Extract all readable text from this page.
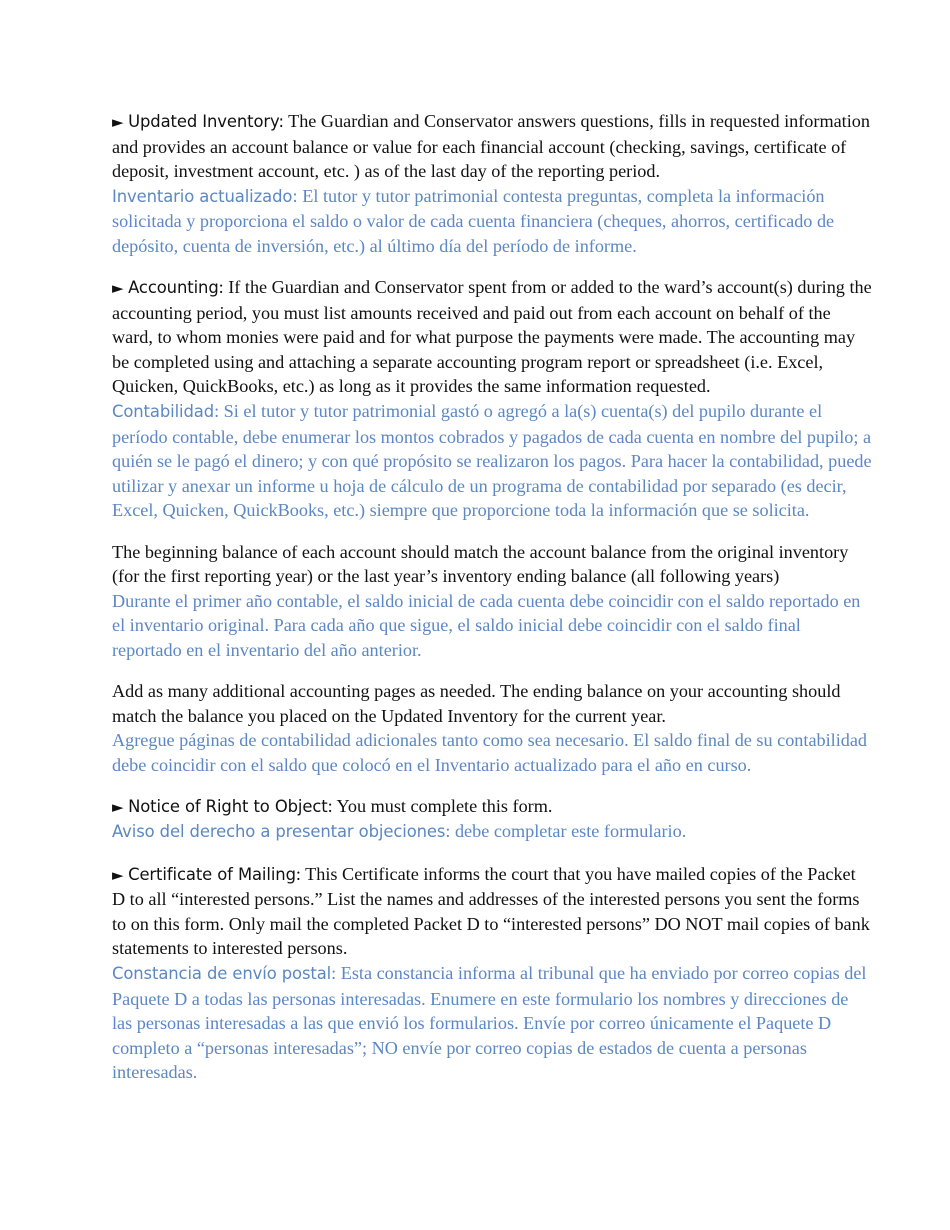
► Updated Inventory: The Guardian and Conservator answers questions, fills in requested information and provides an account balance or value for each financial account (checking, savings, certificate of deposit, investment account, etc. ) as of the last day of the reporting period.
Inventario actualizado: El tutor y tutor patrimonial contesta preguntas, completa la información solicitada y proporciona el saldo o valor de cada cuenta financiera (cheques, ahorros, certificado de depósito, cuenta de inversión, etc.) al último día del período de informe.
► Accounting: If the Guardian and Conservator spent from or added to the ward’s account(s) during the accounting period, you must list amounts received and paid out from each account on behalf of the ward, to whom monies were paid and for what purpose the payments were made. The accounting may be completed using and attaching a separate accounting program report or spreadsheet (i.e. Excel, Quicken, QuickBooks, etc.) as long as it provides the same information requested.
Contabilidad: Si el tutor y tutor patrimonial gastó o agregó a la(s) cuenta(s) del pupilo durante el período contable, debe enumerar los montos cobrados y pagados de cada cuenta en nombre del pupilo; a quién se le pagó el dinero; y con qué propósito se realizaron los pagos. Para hacer la contabilidad, puede utilizar y anexar un informe u hoja de cálculo de un programa de contabilidad por separado (es decir, Excel, Quicken, QuickBooks, etc.) siempre que proporcione toda la información que se solicita.
The beginning balance of each account should match the account balance from the original inventory (for the first reporting year) or the last year’s inventory ending balance (all following years)
Durante el primer año contable, el saldo inicial de cada cuenta debe coincidir con el saldo reportado en el inventario original. Para cada año que sigue, el saldo inicial debe coincidir con el saldo final reportado en el inventario del año anterior.
Add as many additional accounting pages as needed. The ending balance on your accounting should match the balance you placed on the Updated Inventory for the current year.
Agregue páginas de contabilidad adicionales tanto como sea necesario. El saldo final de su contabilidad debe coincidir con el saldo que colocó en el Inventario actualizado para el año en curso.
► Notice of Right to Object: You must complete this form.
Aviso del derecho a presentar objeciones: debe completar este formulario.
► Certificate of Mailing: This Certificate informs the court that you have mailed copies of the Packet D to all “interested persons.” List the names and addresses of the interested persons you sent the forms to on this form. Only mail the completed Packet D to “interested persons” DO NOT mail copies of bank statements to interested persons.
Constancia de envío postal: Esta constancia informa al tribunal que ha enviado por correo copias del Paquete D a todas las personas interesadas. Enumere en este formulario los nombres y direcciones de las personas interesadas a las que envió los formularios. Envíe por correo únicamente el Paquete D completo a “personas interesadas”; NO envíe por correo copias de estados de cuenta a personas interesadas.
